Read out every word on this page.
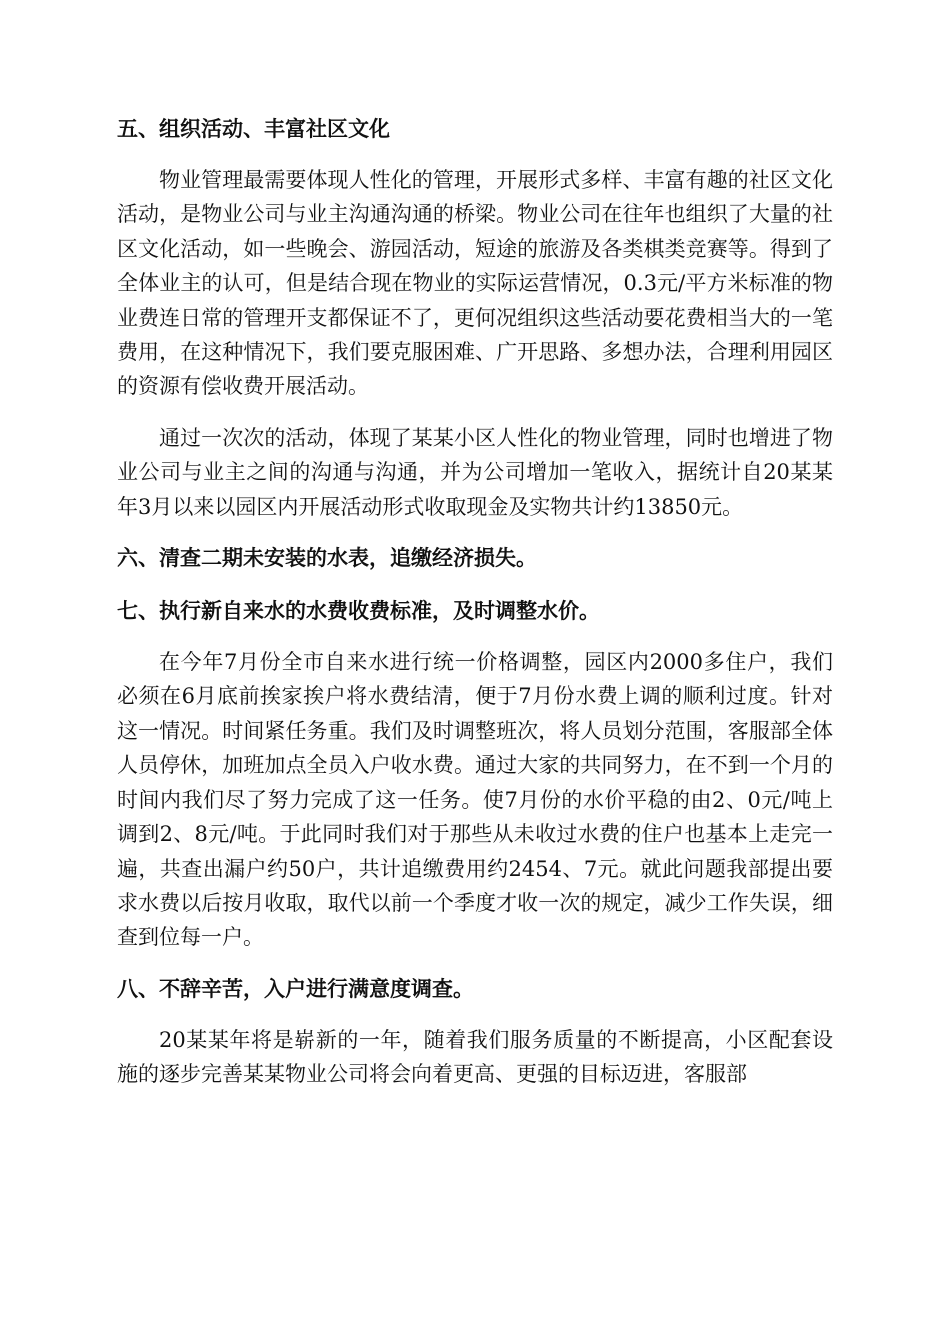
五、组织活动、丰富社区文化

物业管理最需要体现人性化的管理，开展形式多样、丰富有趣的社区文化活动，是物业公司与业主沟通沟通的桥梁。物业公司在往年也组织了大量的社区文化活动，如一些晚会、游园活动，短途的旅游及各类棋类竞赛等。得到了全体业主的认可，但是结合现在物业的实际运营情况，0.3元/平方米标准的物业费连日常的管理开支都保证不了，更何况组织这些活动要花费相当大的一笔费用，在这种情况下，我们要克服困难、广开思路、多想办法，合理利用园区的资源有偿收费开展活动。

通过一次次的活动，体现了某某小区人性化的物业管理，同时也增进了物业公司与业主之间的沟通与沟通，并为公司增加一笔收入，据统计自20某某年3月以来以园区内开展活动形式收取现金及实物共计约13850元。

六、清查二期未安装的水表，追缴经济损失。
七、执行新自来水的水费收费标准，及时调整水价。

在今年7月份全市自来水进行统一价格调整，园区内2000多住户，我们必须在6月底前挨家挨户将水费结清，便于7月份水费上调的顺利过度。针对这一情况。时间紧任务重。我们及时调整班次，将人员划分范围，客服部全体人员停休，加班加点全员入户收水费。通过大家的共同努力，在不到一个月的时间内我们尽了努力完成了这一任务。使7月份的水价平稳的由2、0元/吨上调到2、8元/吨。于此同时我们对于那些从未收过水费的住户也基本上走完一遍，共查出漏户约50户，共计追缴费用约2454、7元。就此问题我部提出要求水费以后按月收取，取代以前一个季度才收一次的规定，减少工作失误，细查到位每一户。

八、不辞辛苦，入户进行满意度调查。

20某某年将是崭新的一年，随着我们服务质量的不断提高，小区配套设施的逐步完善某某物业公司将会向着更高、更强的目标迈进，客服部
